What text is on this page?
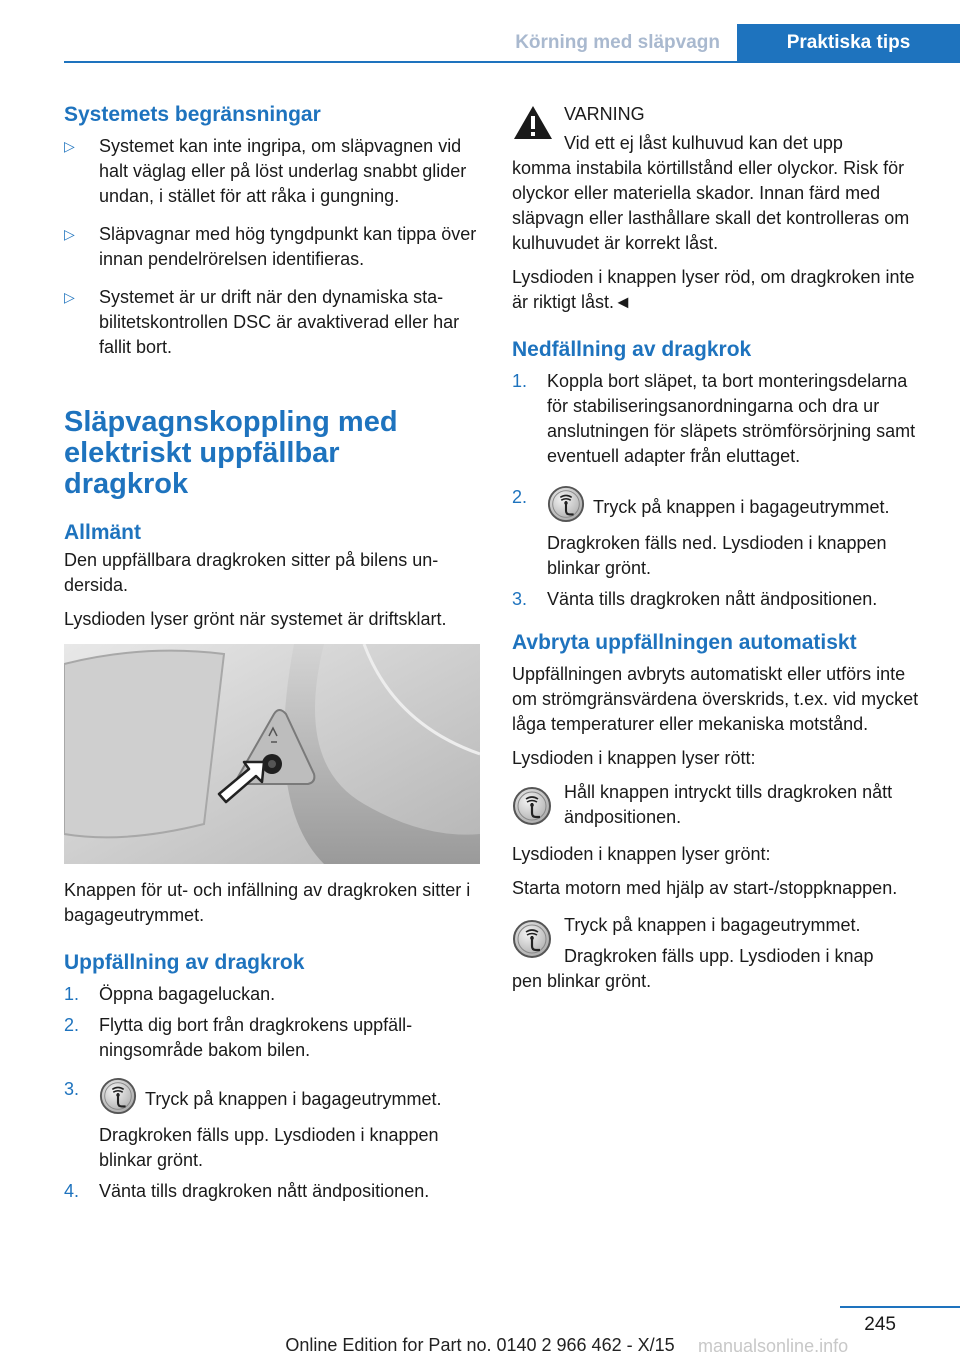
Körning med släpvagn	Praktiska tips
Systemets begränsningar
▷ Systemet kan inte ingripa, om släpvagnen vid halt väglag eller på löst underlag snabbt glider undan, i stället för att råka i gungning.
▷ Släpvagnar med hög tyngdpunkt kan tippa över innan pendelrörelsen identifieras.
▷ Systemet är ur drift när den dynamiska stabilitetskontrollen DSC är avaktiverad eller har fallit bort.
Släpvagnskoppling med elektriskt uppfällbar dragkrok
Allmänt

Den uppfällbara dragkroken sitter på bilens undersida.

Lysdioden lyser grönt när systemet är driftsklart.

Knappen för ut- och infällning av dragkroken sitter i bagageutrymmet.

Uppfällning av dragkrok
1. Öppna bagageluckan.
2. Flytta dig bort från dragkrokens uppfällningsområde bakom bilen.
3.	Tryck på knappen i bagageutrymmet.
Dragkroken fälls upp. Lysdioden i knappen blinkar grönt.
4. Vänta tills dragkroken nått ändpositionen.

VARNING

Vid ett ej låst kulhuvud kan det upp

komma instabila körtillstånd eller olyckor. Risk för olyckor eller materiella skador. Innan färd med släpvagn eller lasthållare skall det kontrolleras om kulhuvudet är korrekt låst.

Lysdioden i knappen lyser röd, om dragkroken inte är riktigt låst.◄

Nedfällning av dragkrok
1. Koppla bort släpet, ta bort monteringsdelarna för stabiliseringsanordningarna och dra ur anslutningen för släpets strömförsörjning samt eventuell adapter från eluttaget.
2.	Tryck på knappen i bagageutrymmet.
Dragkroken fälls ned. Lysdioden i knappen blinkar grönt.
3. Vänta tills dragkroken nått ändpositionen.
Avbryta uppfällningen automatiskt

Uppfällningen avbryts automatiskt eller utförs inte om strömgränsvärdena överskrids, t.ex. vid mycket låga temperaturer eller mekaniska motstånd.

Lysdioden i knappen lyser rött:

Håll knappen intryckt tills dragkroken nått ändpositionen.

Lysdioden i knappen lyser grönt:

Starta motorn med hjälp av start-/stoppknappen.

Tryck på knappen i bagageutrymmet.

Dragkroken fälls upp. Lysdioden i knap

pen blinkar grönt.

245
Online Edition for Part no. 0140 2 966 462 - X/15	manualsonline.info
